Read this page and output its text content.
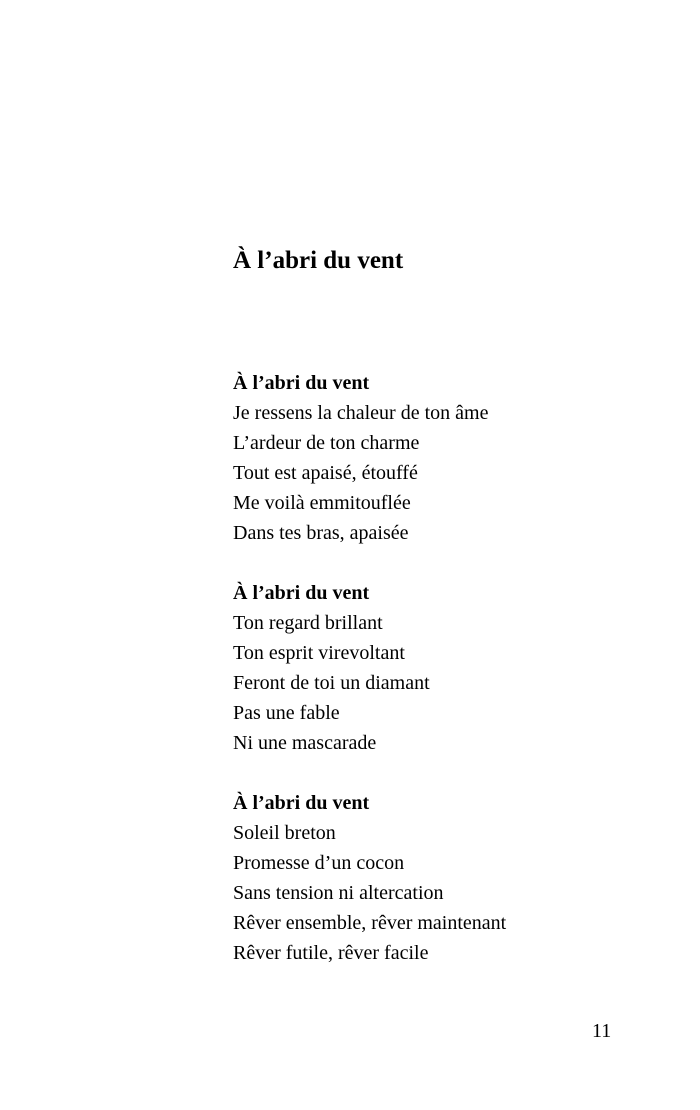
À l’abri du vent
À l’abri du vent
Je ressens la chaleur de ton âme
L’ardeur de ton charme
Tout est apaisé, étouffé
Me voilà emmitouflée
Dans tes bras, apaisée
À l’abri du vent
Ton regard brillant
Ton esprit virevoltant
Feront de toi un diamant
Pas une fable
Ni une mascarade
À l’abri du vent
Soleil breton
Promesse d’un cocon
Sans tension ni altercation
Rêver ensemble, rêver maintenant
Rêver futile, rêver facile
11
